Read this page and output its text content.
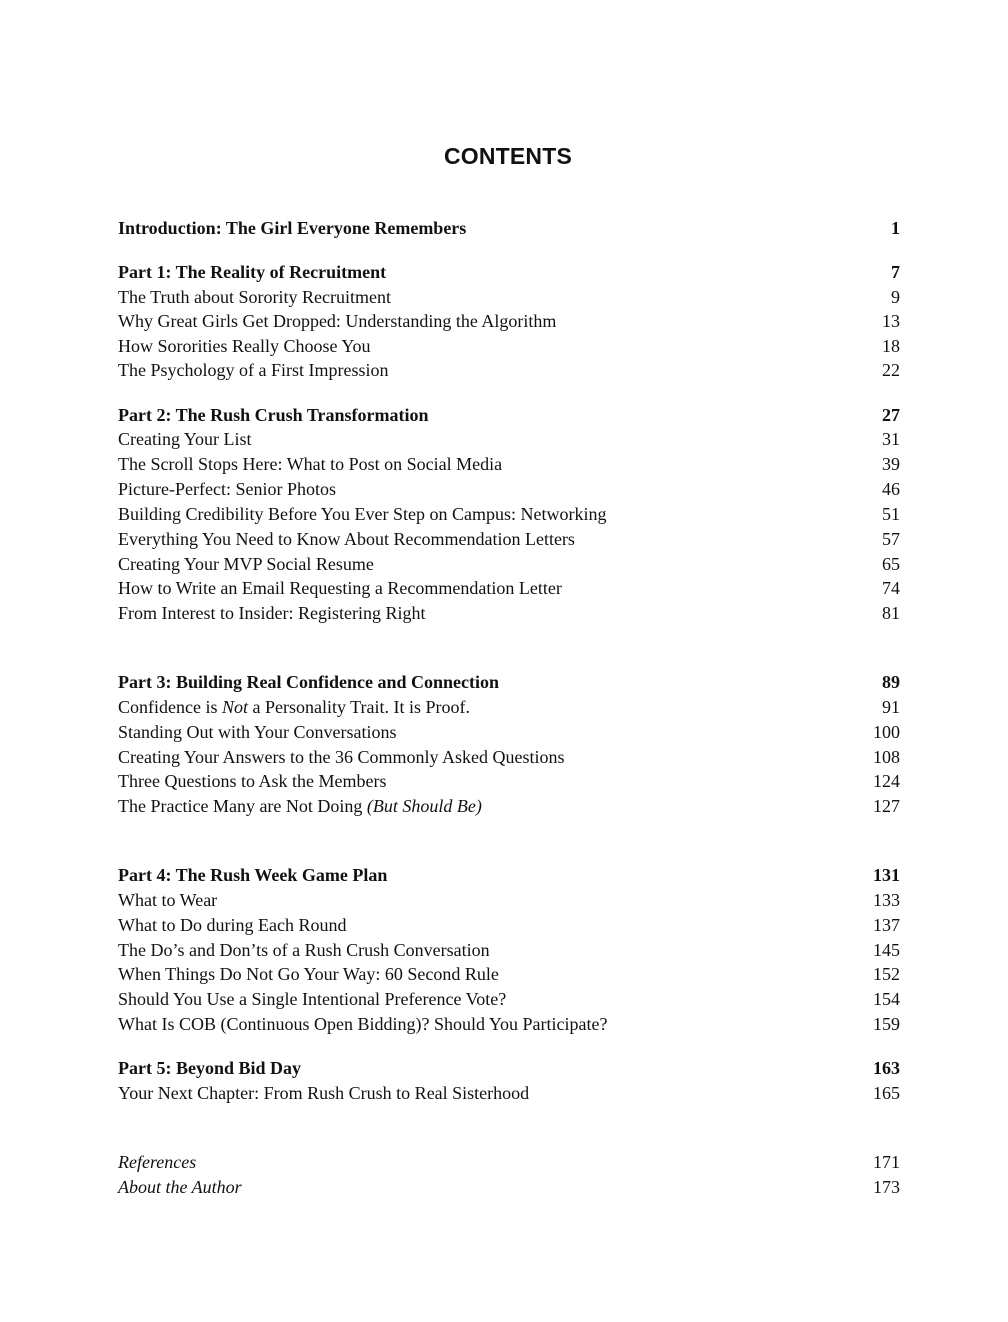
CONTENTS
Introduction: The Girl Everyone Remembers	1
Part 1: The Reality of Recruitment	7
The Truth about Sorority Recruitment	9
Why Great Girls Get Dropped: Understanding the Algorithm	13
How Sororities Really Choose You	18
The Psychology of a First Impression	22
Part 2: The Rush Crush Transformation	27
Creating Your List	31
The Scroll Stops Here: What to Post on Social Media	39
Picture-Perfect: Senior Photos	46
Building Credibility Before You Ever Step on Campus: Networking	51
Everything You Need to Know About Recommendation Letters	57
Creating Your MVP Social Resume	65
How to Write an Email Requesting a Recommendation Letter	74
From Interest to Insider: Registering Right	81
Part 3: Building Real Confidence and Connection	89
Confidence is Not a Personality Trait. It is Proof.	91
Standing Out with Your Conversations	100
Creating Your Answers to the 36 Commonly Asked Questions	108
Three Questions to Ask the Members	124
The Practice Many are Not Doing (But Should Be)	127
Part 4: The Rush Week Game Plan	131
What to Wear	133
What to Do during Each Round	137
The Do’s and Don’ts of a Rush Crush Conversation	145
When Things Do Not Go Your Way: 60 Second Rule	152
Should You Use a Single Intentional Preference Vote?	154
What Is COB (Continuous Open Bidding)? Should You Participate?	159
Part 5: Beyond Bid Day	163
Your Next Chapter: From Rush Crush to Real Sisterhood	165
References	171
About the Author	173
